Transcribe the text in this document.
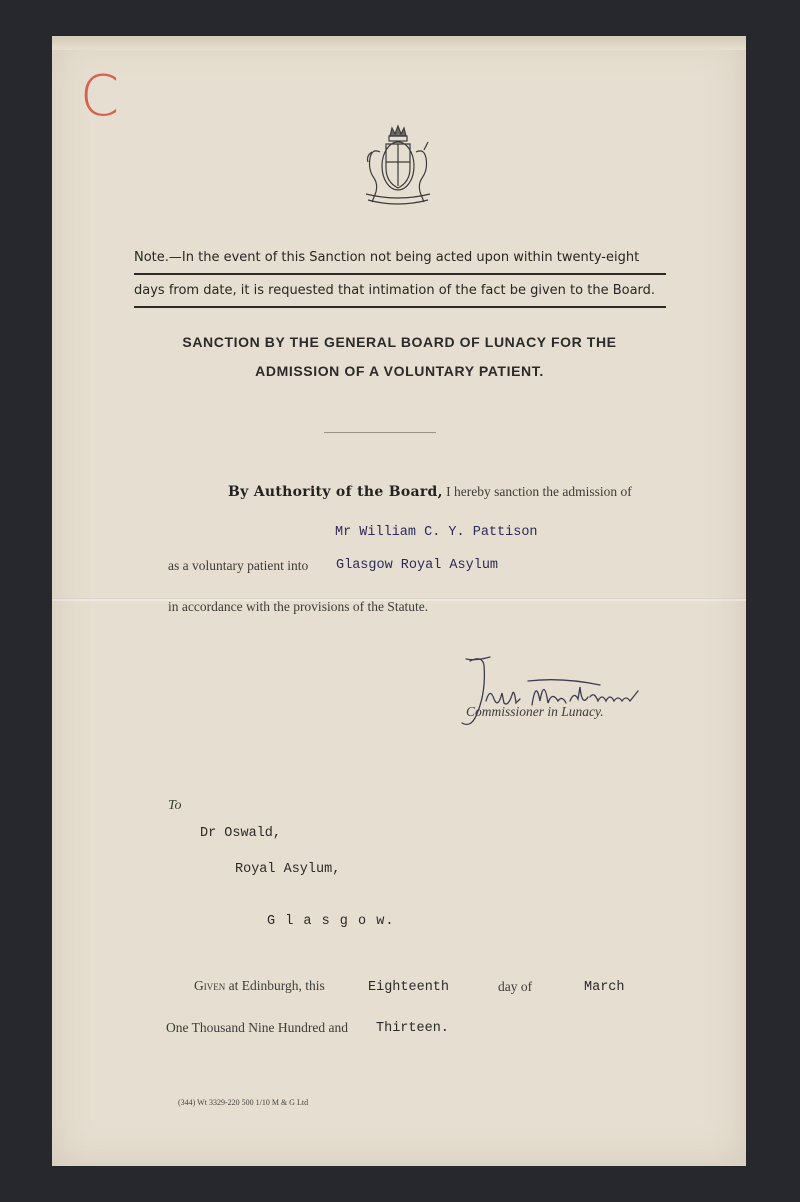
C
Note.—In the event of this Sanction not being acted upon within twenty-eight
days from date, it is requested that intimation of the fact be given to the Board.
SANCTION BY THE GENERAL BOARD OF LUNACY FOR THE
ADMISSION OF A VOLUNTARY PATIENT.
By Authority of the Board, I hereby sanction the admission of
Mr William C. Y. Pattison
as a voluntary patient into Glasgow Royal Asylum
in accordance with the provisions of the Statute.
Commissioner in Lunacy.
To
Dr Oswald,
Royal Asylum,
G l a s g o w.
Given at Edinburgh, this	Eighteenth	day of	March
One Thousand Nine Hundred and Thirteen.
(344) Wt 3329-220 500 1/10 M & G Ltd
